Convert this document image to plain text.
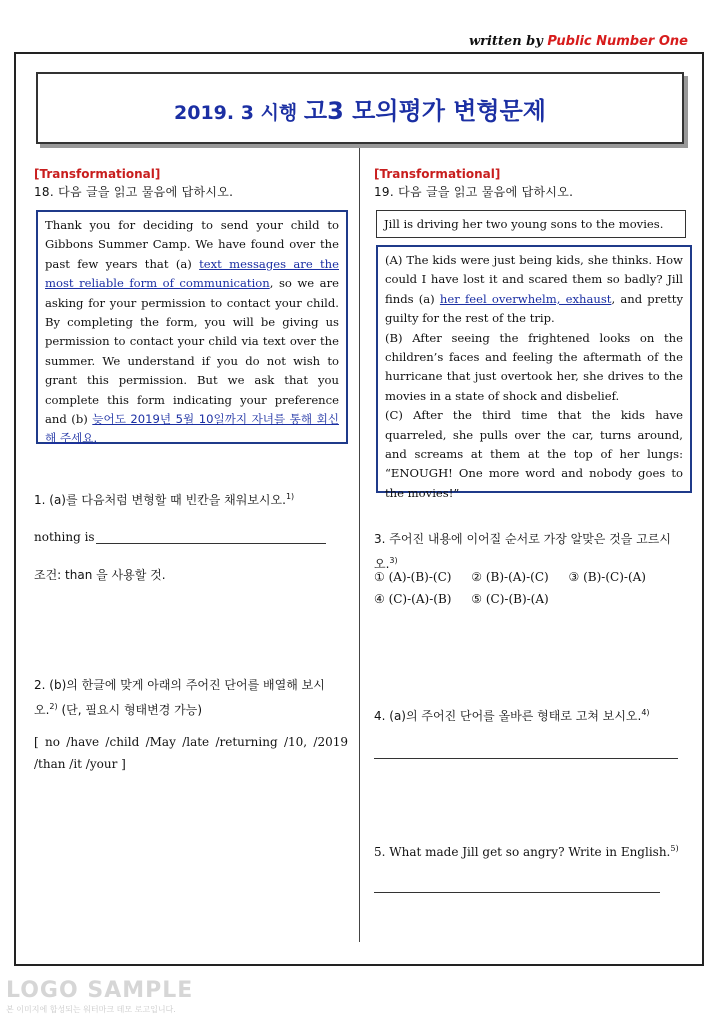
written by Public Number One
2019. 3 시행 고3 모의평가 변형문제
[Transformational]
18. 다음 글을 읽고 물음에 답하시오.

Thank you for deciding to send your child to Gibbons Summer Camp. We have found over the past few years that (a) text messages are the most reliable form of communication, so we are asking for your permission to contact your child. By completing the form, you will be giving us permission to contact your child via text over the summer. We understand if you do not wish to grant this permission. But we ask that you complete this form indicating your preference and (b) 늦어도 2019년 5월 10일까지 자녀를 통해 회신해 주세요.

1. (a)를 다음처럼 변형할 때 빈칸을 채워보시오.$^{1)}$
nothing is
조건: than 을 사용할 것.
2. (b)의 한글에 맞게 아래의 주어진 단어를 배열해 보시오.$^{2)}$ (단, 필요시 형태변경 가능)
[ no /have /child /May /late /returning /10, /2019 /than /it /your ]
[Transformational]
19. 다음 글을 읽고 물음에 답하시오.

Jill is driving her two young sons to the movies.

(A) The kids were just being kids, she thinks. How could I have lost it and scared them so badly? Jill finds (a) her feel overwhelm, exhaust, and pretty guilty for the rest of the trip.

(B) After seeing the frightened looks on the children’s faces and feeling the aftermath of the hurricane that just overtook her, she drives to the movies in a state of shock and disbelief.

(C) After the third time that the kids have quarreled, she pulls over the car, turns around, and screams at them at the top of her lungs: “ENOUGH! One more word and nobody goes to the movies!”

3. 주어진 내용에 이어질 순서로 가장 알맞은 것을 고르시오.$^{3)}$
① (A)-(B)-(C) ② (B)-(A)-(C) ③ (B)-(C)-(A)
④ (C)-(A)-(B) ⑤ (C)-(B)-(A)
4. (a)의 주어진 단어를 올바른 형태로 고쳐 보시오.$^{4)}$
5. What made Jill get so angry? Write in English.$^{5)}$
LOGO SAMPLE
본 이미지에 합성되는 워터마크 데모 로고입니다.
